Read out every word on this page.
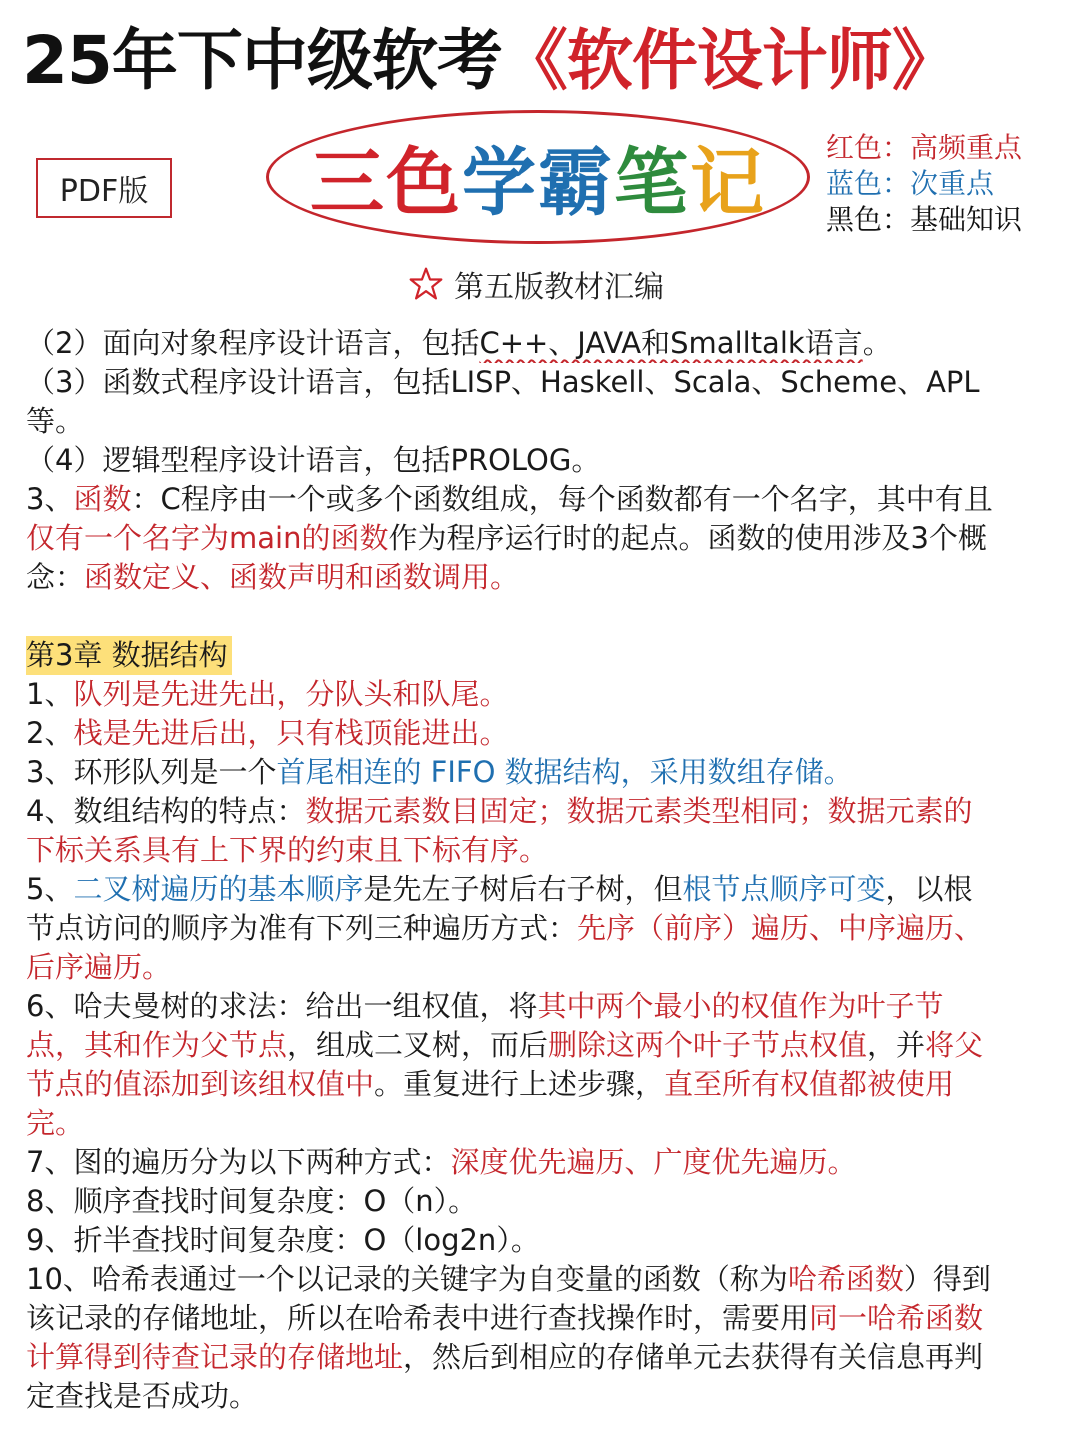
25年下中级软考《软件设计师》
PDF版	三 色 学 霸 笔 记 红色：高频重点
蓝色：次重点
黑色：基础知识
第五版教材汇编
（2）面向对象程序设计语言，包括C++、JAVA和Smalltalk语言。
（3）函数式程序设计语言，包括LISP、Haskell、Scala、Scheme、APL
等。
（4）逻辑型程序设计语言，包括PROLOG。
3、函数：C程序由一个或多个函数组成，每个函数都有一个名字，其中有且
仅有一个名字为main的函数作为程序运行时的起点。函数的使用涉及3个概
念：函数定义、函数声明和函数调用。
第3章 数据结构
1、队列是先进先出，分队头和队尾。
2、栈是先进后出，只有栈顶能进出。
3、环形队列是一个首尾相连的 FIFO 数据结构，采用数组存储。
4、数组结构的特点：数据元素数目固定；数据元素类型相同；数据元素的
下标关系具有上下界的约束且下标有序。
5、二叉树遍历的基本顺序是先左子树后右子树，但根节点顺序可变，以根
节点访问的顺序为准有下列三种遍历方式：先序（前序）遍历、中序遍历、
后序遍历。
6、哈夫曼树的求法：给出一组权值，将其中两个最小的权值作为叶子节
点，其和作为父节点，组成二叉树，而后删除这两个叶子节点权值，并将父
节点的值添加到该组权值中。重复进行上述步骤，直至所有权值都被使用
完。
7、图的遍历分为以下两种方式：深度优先遍历、广度优先遍历。
8、顺序查找时间复杂度：O（n）。
9、折半查找时间复杂度：O（log2n）。
10、哈希表通过一个以记录的关键字为自变量的函数（称为哈希函数）得到
该记录的存储地址，所以在哈希表中进行查找操作时，需要用同一哈希函数
计算得到待查记录的存储地址，然后到相应的存储单元去获得有关信息再判
定查找是否成功。
